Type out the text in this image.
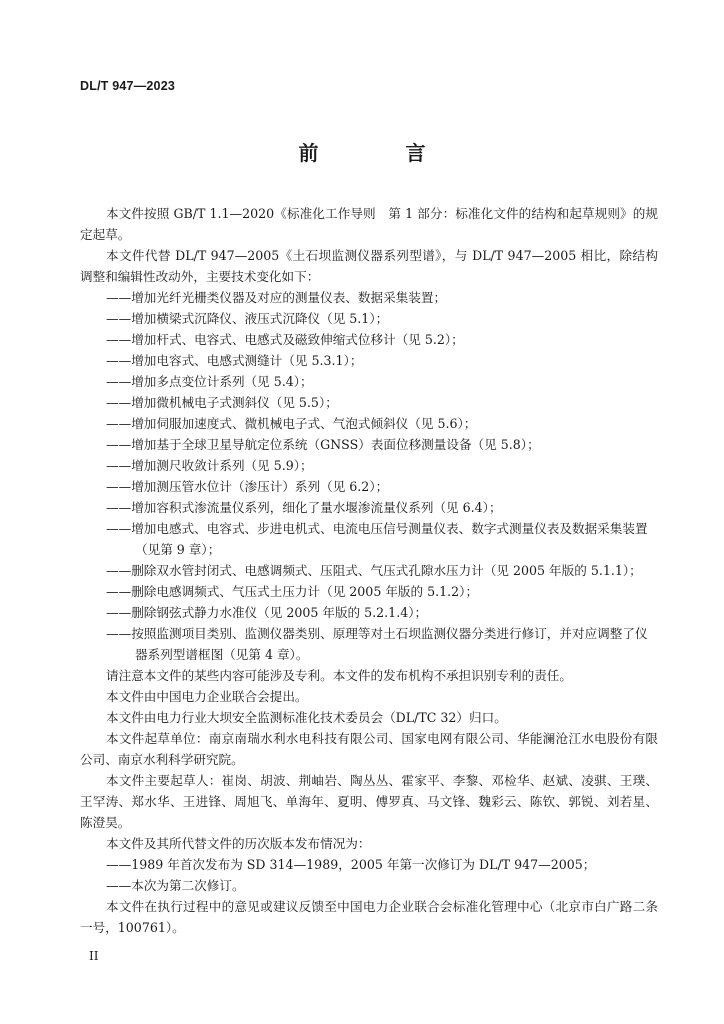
DL/T 947—2023
前 言

本文件按照 GB/T 1.1—2020《标准化工作导则　第 1 部分：标准化文件的结构和起草规则》的规定起草。

本文件代替 DL/T 947—2005《土石坝监测仪器系列型谱》，与 DL/T 947—2005 相比，除结构调整和编辑性改动外，主要技术变化如下：

——增加光纤光栅类仪器及对应的测量仪表、数据采集装置；

——增加横梁式沉降仪、液压式沉降仪（见 5.1）；

——增加杆式、电容式、电感式及磁致伸缩式位移计（见 5.2）；

——增加电容式、电感式测缝计（见 5.3.1）；

——增加多点变位计系列（见 5.4）；

——增加微机械电子式测斜仪（见 5.5）；

——增加伺服加速度式、微机械电子式、气泡式倾斜仪（见 5.6）；

——增加基于全球卫星导航定位系统（GNSS）表面位移测量设备（见 5.8）；

——增加测尺收敛计系列（见 5.9）；

——增加测压管水位计（渗压计）系列（见 6.2）；

——增加容积式渗流量仪系列，细化了量水堰渗流量仪系列（见 6.4）；

——增加电感式、电容式、步进电机式、电流电压信号测量仪表、数字式测量仪表及数据采集装置（见第 9 章）；

——删除双水管封闭式、电感调频式、压阻式、气压式孔隙水压力计（见 2005 年版的 5.1.1）；

——删除电感调频式、气压式土压力计（见 2005 年版的 5.1.2）；

——删除钢弦式静力水准仪（见 2005 年版的 5.2.1.4）；

——按照监测项目类别、监测仪器类别、原理等对土石坝监测仪器分类进行修订，并对应调整了仪器系列型谱框图（见第 4 章）。

请注意本文件的某些内容可能涉及专利。本文件的发布机构不承担识别专利的责任。

本文件由中国电力企业联合会提出。

本文件由电力行业大坝安全监测标准化技术委员会（DL/TC 32）归口。

本文件起草单位：南京南瑞水利水电科技有限公司、国家电网有限公司、华能澜沧江水电股份有限公司、南京水利科学研究院。

本文件主要起草人：崔岗、胡波、荆岫岩、陶丛丛、霍家平、李黎、邓检华、赵斌、凌骐、王璞、王罕涛、郑水华、王进锋、周旭飞、单海年、夏明、傅罗真、马文锋、魏彩云、陈钦、郭锐、刘若星、陈澄昊。

本文件及其所代替文件的历次版本发布情况为：

——1989 年首次发布为 SD 314—1989，2005 年第一次修订为 DL/T 947—2005；

——本次为第二次修订。

本文件在执行过程中的意见或建议反馈至中国电力企业联合会标准化管理中心（北京市白广路二条一号，100761）。

II
